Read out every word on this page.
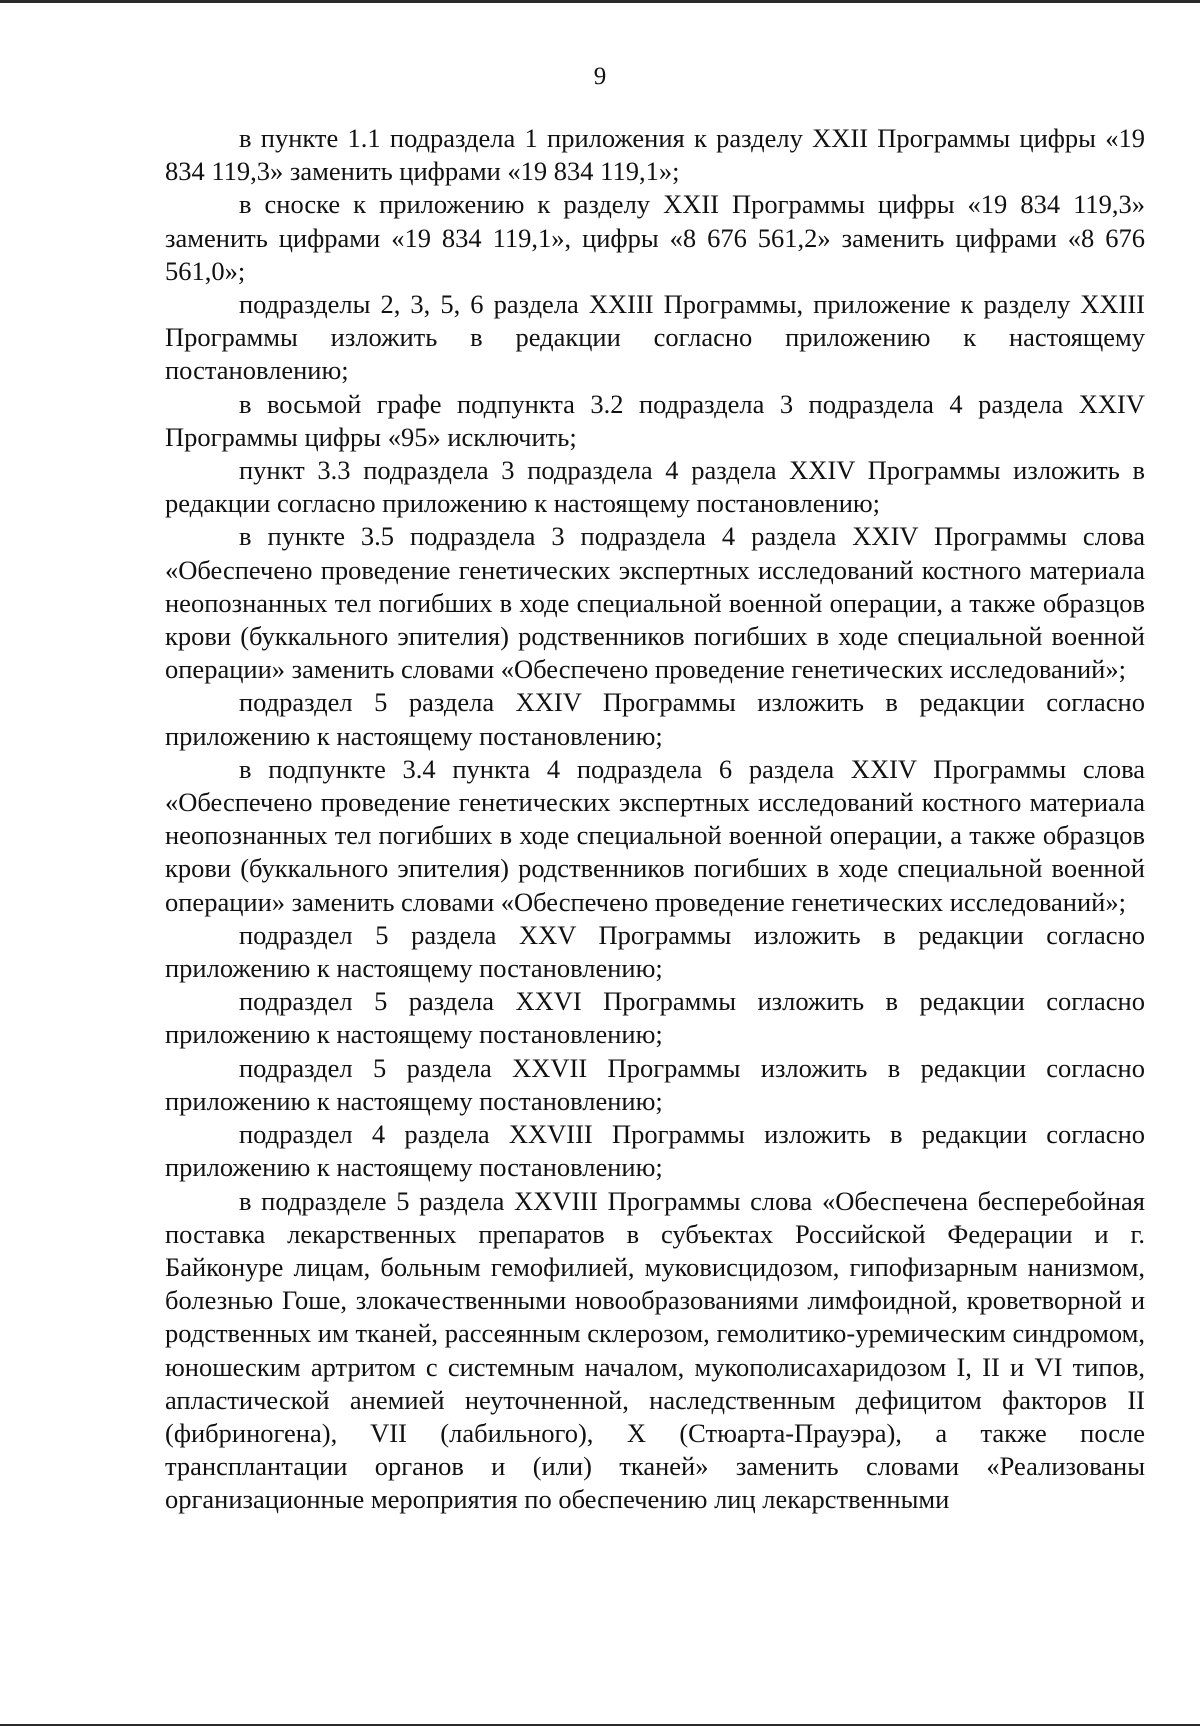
9

в пункте 1.1 подраздела 1 приложения к разделу XXII Программы цифры «19 834 119,3» заменить цифрами «19 834 119,1»;

в сноске к приложению к разделу XXII Программы цифры «19 834 119,3» заменить цифрами «19 834 119,1», цифры «8 676 561,2» заменить цифрами «8 676 561,0»;

подразделы 2, 3, 5, 6 раздела XXIII Программы, приложение к разделу XXIII Программы изложить в редакции согласно приложению к настоящему постановлению;

в восьмой графе подпункта 3.2 подраздела 3 подраздела 4 раздела XXIV Программы цифры «95» исключить;

пункт 3.3 подраздела 3 подраздела 4 раздела XXIV Программы изложить в редакции согласно приложению к настоящему постановлению;

в пункте 3.5 подраздела 3 подраздела 4 раздела XXIV Программы слова «Обеспечено проведение генетических экспертных исследований костного материала неопознанных тел погибших в ходе специальной военной операции, а также образцов крови (буккального эпителия) родственников погибших в ходе специальной военной операции» заменить словами «Обеспечено проведение генетических исследований»;

подраздел 5 раздела XXIV Программы изложить в редакции согласно приложению к настоящему постановлению;

в подпункте 3.4 пункта 4 подраздела 6 раздела XXIV Программы слова «Обеспечено проведение генетических экспертных исследований костного материала неопознанных тел погибших в ходе специальной военной операции, а также образцов крови (буккального эпителия) родственников погибших в ходе специальной военной операции» заменить словами «Обеспечено проведение генетических исследований»;

подраздел 5 раздела XXV Программы изложить в редакции согласно приложению к настоящему постановлению;

подраздел 5 раздела XXVI Программы изложить в редакции согласно приложению к настоящему постановлению;

подраздел 5 раздела XXVII Программы изложить в редакции согласно приложению к настоящему постановлению;

подраздел 4 раздела XXVIII Программы изложить в редакции согласно приложению к настоящему постановлению;

в подразделе 5 раздела XXVIII Программы слова «Обеспечена бесперебойная поставка лекарственных препаратов в субъектах Российской Федерации и г. Байконуре лицам, больным гемофилией, муковисцидозом, гипофизарным нанизмом, болезнью Гоше, злокачественными новообразованиями лимфоидной, кроветворной и родственных им тканей, рассеянным склерозом, гемолитико-уремическим синдромом, юношеским артритом с системным началом, мукополисахаридозом I, II и VI типов, апластической анемией неуточненной, наследственным дефицитом факторов II (фибриногена), VII (лабильного), X (Стюарта-Прауэра), а также после трансплантации органов и (или) тканей» заменить словами «Реализованы организационные мероприятия по обеспечению лиц лекарственными
